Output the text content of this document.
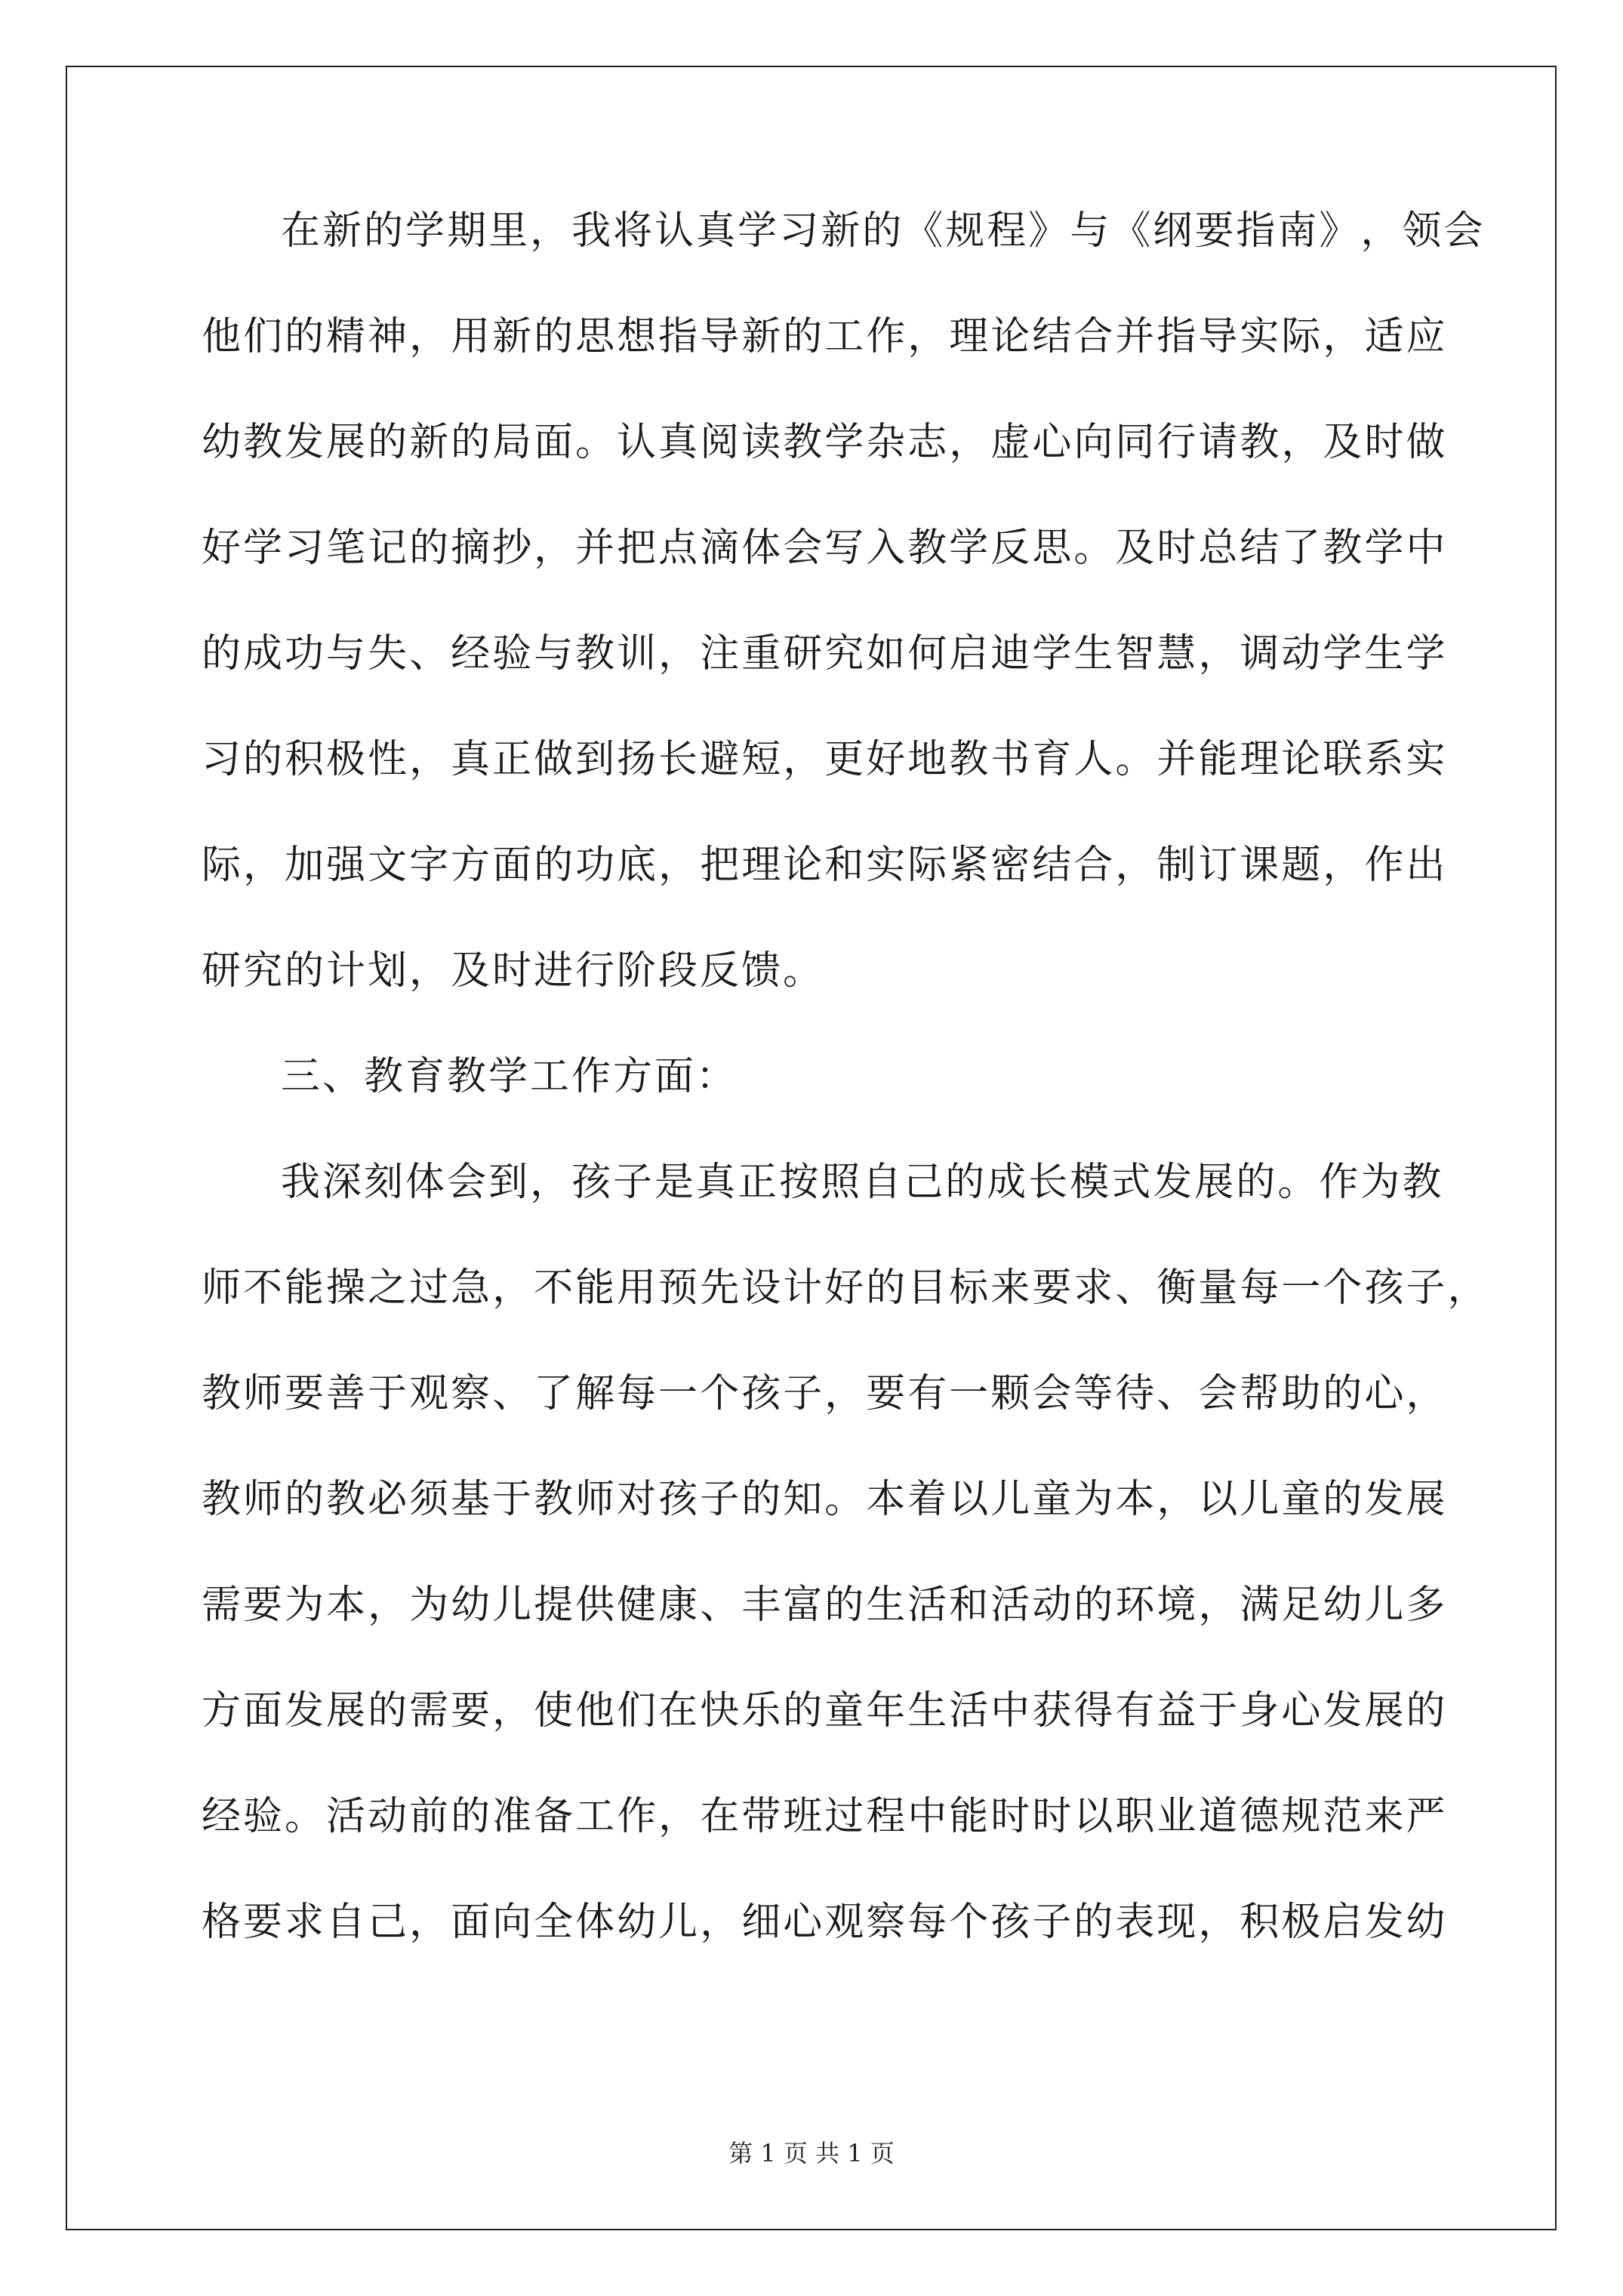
在 新 的 学 期 里 ， 我 将 认 真 学 习 新 的 《 规 程 》 与 《 纲 要 指 南 》 ， 领 会
他 们 的 精 神 ， 用 新 的 思 想 指 导 新 的 工 作 ， 理 论 结 合 并 指 导 实 际 ， 适 应
幼 教 发 展 的 新 的 局 面 。 认 真 阅 读 教 学 杂 志 ， 虚 心 向 同 行 请 教 ， 及 时 做
好 学 习 笔 记 的 摘 抄 ， 并 把 点 滴 体 会 写 入 教 学 反 思 。 及 时 总 结 了 教 学 中
的 成 功 与 失 、 经 验 与 教 训 ， 注 重 研 究 如 何 启 迪 学 生 智 慧 ， 调 动 学 生 学
习 的 积 极 性 ， 真 正 做 到 扬 长 避 短 ， 更 好 地 教 书 育 人 。 并 能 理 论 联 系 实
际 ， 加 强 文 字 方 面 的 功 底 ， 把 理 论 和 实 际 紧 密 结 合 ， 制 订 课 题 ， 作 出
研究的计划，及时进行阶段反馈。
三、教育教学工作方面：
我 深 刻 体 会 到 ， 孩 子 是 真 正 按 照 自 己 的 成 长 模 式 发 展 的 。 作 为 教
师 不 能 操 之 过 急 ， 不 能 用 预 先 设 计 好 的 目 标 来 要 求 、 衡 量 每 一 个 孩 子 ，
教 师 要 善 于 观 察 、 了 解 每 一 个 孩 子 ， 要 有 一 颗 会 等 待 、 会 帮 助 的 心 ，
教 师 的 教 必 须 基 于 教 师 对 孩 子 的 知 。 本 着 以 儿 童 为 本 ， 以 儿 童 的 发 展
需 要 为 本 ， 为 幼 儿 提 供 健 康 、 丰 富 的 生 活 和 活 动 的 环 境 ， 满 足 幼 儿 多
方 面 发 展 的 需 要 ， 使 他 们 在 快 乐 的 童 年 生 活 中 获 得 有 益 于 身 心 发 展 的
经 验 。 活 动 前 的 准 备 工 作 ， 在 带 班 过 程 中 能 时 时 以 职 业 道 德 规 范 来 严
格 要 求 自 己 ， 面 向 全 体 幼 儿 ， 细 心 观 察 每 个 孩 子 的 表 现 ， 积 极 启 发 幼
第 1 页 共 1 页
